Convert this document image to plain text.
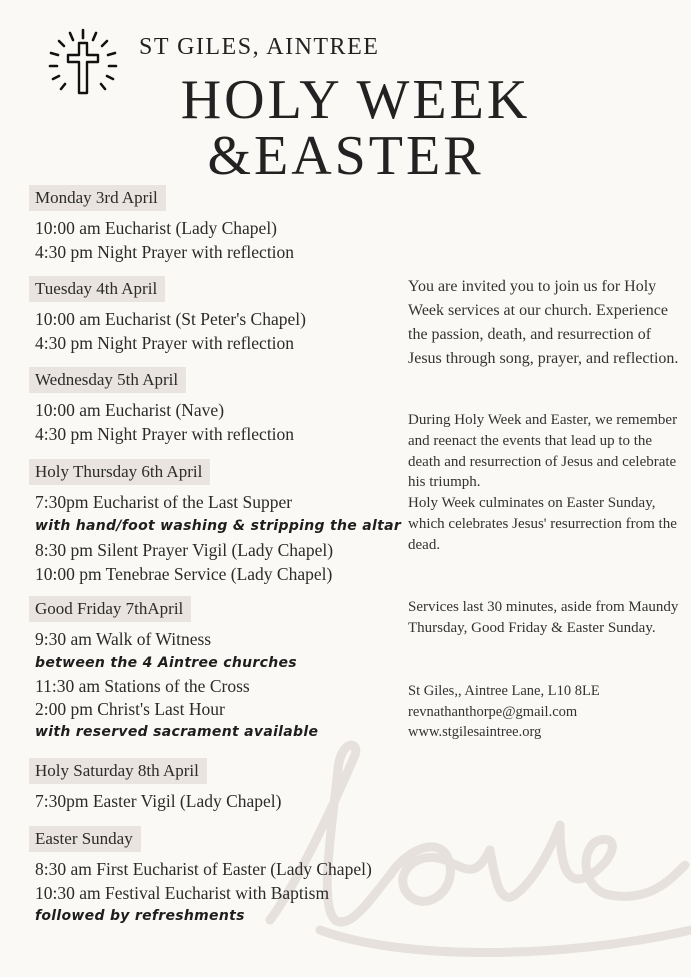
ST GILES, AINTREE
HOLY WEEK
&EASTER
Monday 3rd April
10:00 am Eucharist (Lady Chapel)
4:30 pm Night Prayer with reflection
Tuesday 4th April
10:00 am Eucharist (St Peter's Chapel)
4:30 pm Night Prayer with reflection
Wednesday 5th April
10:00 am Eucharist (Nave)
4:30 pm Night Prayer with reflection
Holy Thursday 6th April
7:30pm Eucharist of the Last Supper
with hand/foot washing & stripping the altar
8:30 pm Silent Prayer Vigil (Lady Chapel)
10:00 pm Tenebrae Service (Lady Chapel)
Good Friday 7thApril
9:30 am Walk of Witness
between the 4 Aintree churches
11:30 am Stations of the Cross
2:00 pm Christ's Last Hour
with reserved sacrament available
Holy Saturday 8th April
7:30pm Easter Vigil (Lady Chapel)
Easter Sunday
8:30 am First Eucharist of Easter (Lady Chapel)
10:30 am Festival Eucharist with Baptism
followed by refreshments
You are invited you to join us for Holy Week services at our church. Experience the passion, death, and resurrection of Jesus through song, prayer, and reflection.
During Holy Week and Easter, we remember and reenact the events that lead up to the death and resurrection of Jesus and celebrate his triumph.
Holy Week culminates on Easter Sunday, which celebrates Jesus' resurrection from the dead.
Services last 30 minutes, aside from Maundy Thursday, Good Friday & Easter Sunday.
St Giles,, Aintree Lane, L10 8LE
revnathanthorpe@gmail.com
www.stgilesaintree.org
